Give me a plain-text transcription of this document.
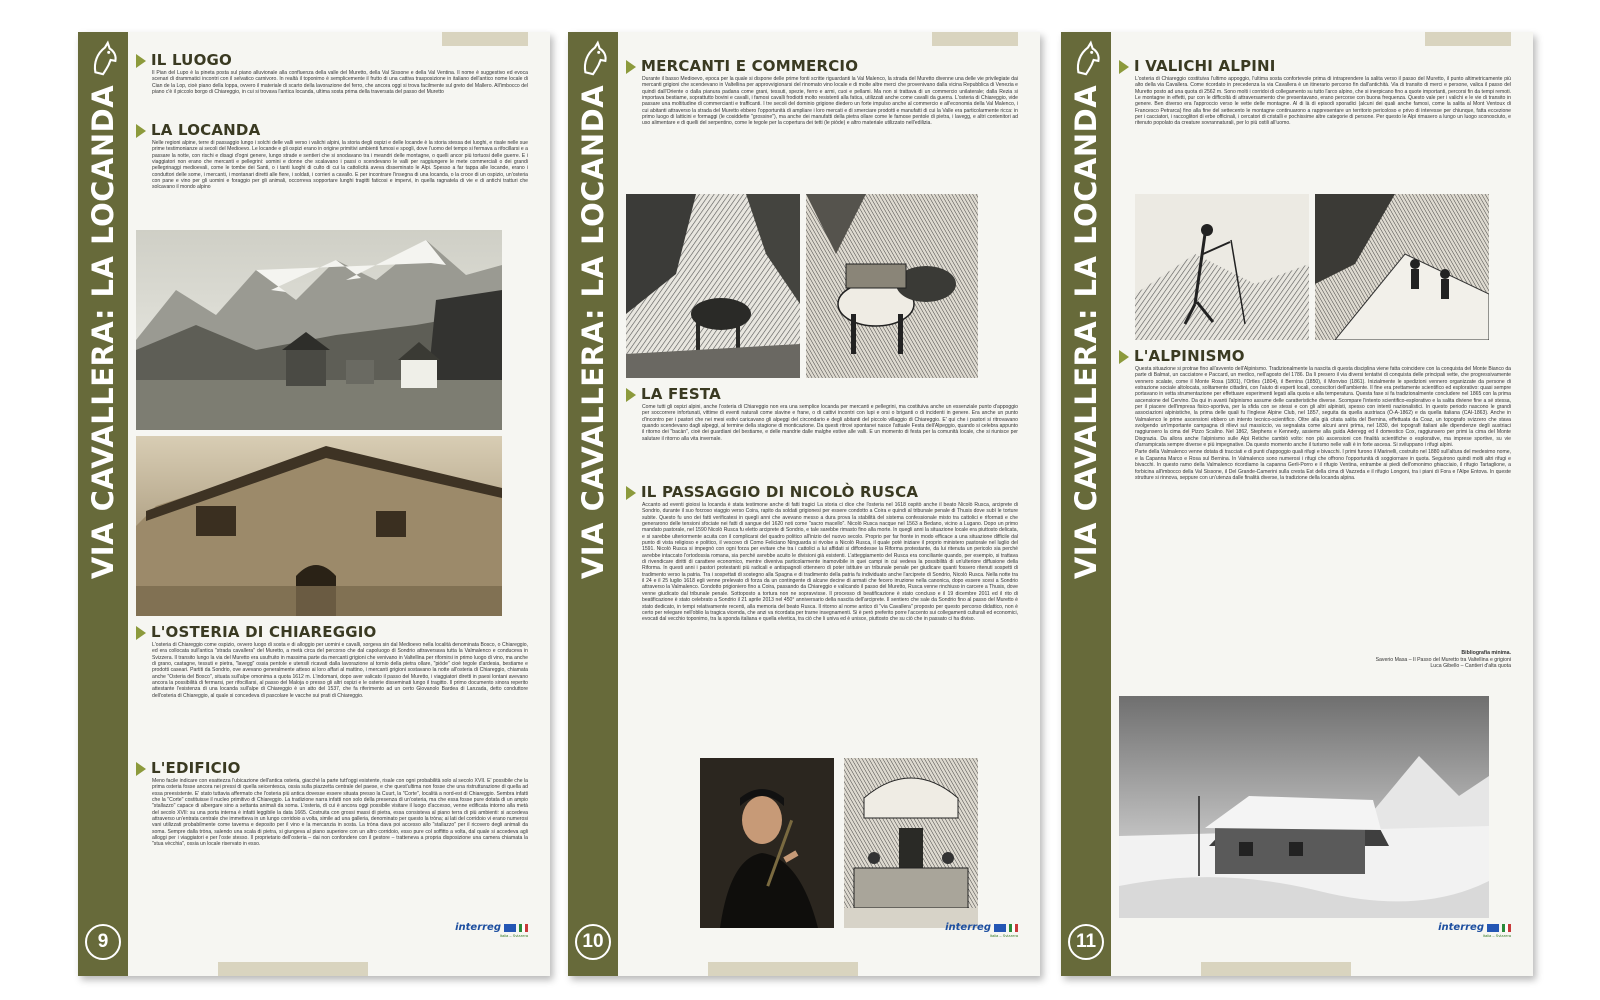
VIA CAVALLERA: LA LOCANDA
9
IL LUOGO
Il Pian del Lupo è la pineta posta sul piano alluvionale alla confluenza della valle del Muretto, della Val Sissone e della Val Ventina. Il nome è suggestivo ed evoca scenari di drammatici incontri con il selvatico carnivoro. In realtà il toponimo è semplicemente il frutto di una cattiva trasposizione in italiano dell'antico nome locale di Cian de la Lop, cioè piano della loppa, ovvero il materiale di scarto della lavorazione del ferro, che ancora oggi si trova facilmente sul greto del Mallero. All'imbocco del piano c'è il piccolo borgo di Chiareggio, in cui si trovava l'antica locanda, ultima sosta prima della traversata del passo del Muretto
LA LOCANDA
Nelle regioni alpine, terre di passaggio lungo i solchi delle valli verso i valichi alpini, la storia degli ospizi e delle locande è la storia stessa dei luoghi, e risale nelle sue prime testimonianze ai secoli del Medioevo. Le locande e gli ospizi erano in origine primitivi ambienti fumosi e spogli, dove l'uomo del tempo si fermava a rifocillarsi e a passare la notte, con rischi e disagi d'ogni genere, lungo strade e sentieri che si snodavano tra i meandri delle montagne, o quelli ancor più tortuosi delle guerre. E i viaggiatori non erano che mercanti e pellegrini: uomini e donne che scalavano i passi o scendevano le valli per raggiungere le mete commerciali o dei grandi pellegrinaggi medioevali, come le tombe dei Santi, o i tanti luoghi di culto di cui la cattolicità aveva disseminato le Alpi. Spesso a far tappa alle locande, erano i conduttori delle some, i mercanti, i montanari diretti alle fiere, i soldati, i corrieri a cavallo. E per incontrare l'insegna di una locanda, o la croce di un ospizio, un'osteria con pane e vino per gli uomini e foraggio per gli animali, occorreva sopportare lunghi tragitti faticosi e impervi, in quella ragnatela di vie e di antichi tratturi che solcavano il mondo alpino
L'OSTERIA DI CHIAREGGIO
L'osteria di Chiareggio come ospizio, ovvero luogo di sosta e di alloggio per uomini e cavalli, sorgeva sin dal Medioevo nella località denominata Bosco, o Chiareggio, ed era collocata sull'antica "strada cavallera" del Muretto, a metà circa del percorso che dal capoluogo di Sondrio attraversava tutta la Valmalenco e conduceva in Svizzera. Il transito lungo la via del Muretto era usufruito in massima parte da mercanti grigioni che venivano in Valtellina per rifornirsi in primo luogo di vino, ma anche di grano, castagne, tessuti e pietra, "lavegg" ossia pentole e utensili ricavati dalla lavorazione al tornio della pietra ollare, "pióde" cioè tegole d'ardesia, bestiame e prodotti caseari. Partiti da Sondrio, ove avevano generalmente atteso ai loro affari al mattino, i mercanti grigioni sostavano la notte all'osteria di Chiareggio, chiamata anche "Osteria del Bosco", situata sull'alpe omonima a quota 1612 m. L'indomani, dopo aver valicato il passo del Muretto, i viaggiatori diretti in paesi lontani avevano ancora la possibilità di fermarsi, per rifocillarsi, al passo del Maloja o presso gli altri ospizi e le osterie disseminati lungo il tragitto. Il primo documento sinora reperito attestante l'esistenza di una locanda sull'alpe di Chiareggio è un atto del 1537, che fa riferimento ad un certo Giovanolo Bardea di Lanzada, detto conduttore dell'osteria di Chiareggio, al quale si concedeva di pascolare le vacche sui prati di Chiareggio.
L'EDIFICIO
Meno facile indicare con esattezza l'ubicazione dell'antica osteria, giacché la parte tutt'oggi esistente, risale con ogni probabilità solo al secolo XVII. E' possibile che la prima osteria fosse ancora nei pressi di quella seicentesca, ossia sulla piazzetta centrale del paese, e che quest'ultima non fosse che una ristrutturazione di quella ad essa preesistente. E' stato tuttavia affermato che l'osteria più antica dovesse essere situata presso la Cuurt, la "Corte", località a nord-est di Chiareggio. Sembra infatti che la "Corte" costituisse il nucleo primitivo di Chiareggio. La tradizione narra infatti non solo della presenza di un'osteria, ma che essa fosse pure dotata di un ampio "stallazzo" capace di albergare sino a settanta animali da soma. L'osteria, di cui è ancora oggi possibile visitare il luogo d'accesso, venne edificata intorno alla metà del secolo XVII: su una porta interna è infatti leggibile la data 1665. Costruita con grossi massi di pietra, essa consisteva al piano terra di più ambienti: si accedeva attraverso un'entrata centrale che immetteva in un lungo corridoio a volta, simile ad una galleria, denominato per questo la tròna; ai lati del corridoio vi erano numerosi vani utilizzati probabilmente come taverna e deposito per il vino e la mercanzia in sosta. La tròna dava poi accesso allo "stallazzo" per il ricovero degli animali da soma. Sempre dalla tròna, salendo una scala di pietra, si giungeva al piano superiore con un altro corridoio, esso pure col soffitto a volta, dal quale si accedeva agli alloggi per i viaggiatori e per l'oste stesso. Il proprietario dell'osteria – dai non confondere con il gestore – tratteneva a propria disposizione una camera chiamata la "stua vècchia", ossia un locale riservato in esso.
interreg
Italia – Svizzera
VIA CAVALLERA: LA LOCANDA
10
MERCANTI E COMMERCIO
Durante il basso Medioevo, epoca per la quale si dispone delle prime fonti scritte riguardanti la Val Malenco, la strada del Muretto divenne una delle vie privilegiate dai mercanti grigioni che scendevano in Valtellina per approvvigionarsi del rinomato vino locale e di molte altre merci che provenivano dalla vicina Repubblica di Venezia e quindi dall'Oriente o dalla pianura padana come grani, tessuti, spezie, ferro e armi, cuoi e pellami. Ma non si trattava di un commercio unilaterale; dalla Rezia si importava bestiame, soprattutto bovini e cavalli, i famosi cavalli frodiotti molto resistenti alla fatica, utilizzati anche come cavalli da guerra. L'osteria di Chiareggio, vide passare una moltitudine di commercianti e trafficanti. I tre secoli del dominio grigione diedero un forte impulso anche al commercio e all'economia della Val Malenco, i cui abitanti attraverso la strada del Muretto ebbero l'opportunità di ampliare i loro mercati e di smerciare prodotti e manufatti di cui la Valle era particolarmente ricca: in primo luogo di latticini e formaggi (le cosiddette "grossine"), ma anche dei manufatti della pietra ollare come le famose pentole di pietra, i lavegg, e altri contenitori ad uso alimentare e di quelli del serpentino, come le tegole per la copertura dei tetti (le piòde) e altro materiale utilizzato nell'edilizia.
LA FESTA
Come tutti gli ospizi alpini, anche l'osteria di Chiareggio non era una semplice locanda per mercanti e pellegrini, ma costituiva anche un essenziale punto d'appoggio per soccorrere infortunati, vittime di eventi naturali come slavine e frane, o di cattivi incontri con lupi e orsi o briganti o di incidenti in genere. Era anche un punto d'incontro per i pastori che nei mesi estivi caricavano gli alpeggi del circondario e degli abitanti del piccolo villaggio di Chiareggio. E' qui che i pastori si ritrovavano quando scendevano dagli alpeggi, al termine della stagione di monticazione. Da questi ritrovi spontanei nasce l'attuale Festa dell'Alpeggio, quando si celebra appunto il ritorno dei "bacàn", cioè dei guardiani del bestiame, e delle mandrie dalle malghe estive alle valli. E un momento di festa per la comunità locale, che si riunisce per salutare il ritorno alla vita invernale.
IL PASSAGGIO DI NICOLÒ RUSCA
Accanto ad eventi gioiosi la locanda è stata testimone anche di fatti tragici La storia ci dice che l'osteria nel 1618 ospitò anche il beato Nicolò Rusca, arciprete di Sondrio, durante il suo forzoso viaggio verso Coira, rapito da soldati grigionesi per essere condotto a Coira e quindi al tribunale penale di Thusis dove subì le torture subite. Questo fu uno dei fatti verificatesi in quegli anni che avevano messo a dura prova la stabilità del sistema confessionale misto tra cattolici e riformati e che generarono delle tensioni sfociate nei fatti di sangue del 1620 noti come "sacro macello". Nicolò Rusca nacque nel 1563 a Bedano, vicino a Lugano. Dopo un primo mandato pastorale, nel 1590 Nicolò Rusca fu eletto arciprete di Sondrio, e tale sarebbe rimasto fino alla morte. In quegli anni la situazione locale era piuttosto delicata, e si sarebbe ulteriormente acuita con il complicarsi del quadro politico all'inizio del nuovo secolo. Proprio per far fronte in modo efficace a una situazione difficile dal punto di vista religioso e politico, il vescovo di Como Feliciano Ninguarda si rivolse a Nicolò Rusca, il quale poté iniziare il proprio ministero pastorale nel luglio del 1591. Nicolò Rusca si impegnò con ogni forza per evitare che tra i cattolici a lui affidati si diffondesse la Riforma protestante, da lui ritenuta un pericolo sia perché avrebbe intaccato l'ortodossia romana, sia perché avrebbe acuito le divisioni già esistenti. L'atteggiamento del Rusca era conciliante quando, per esempio, si trattava di rivendicare diritti di carattere economico, mentre diveniva particolarmente inamovibile in quei campi in cui vedeva la possibilità di un'ulteriore diffusione della Riforma. In questi anni i pastori protestanti più radicali e antispagnoli ottennero di poter istituire un tribunale penale per giudicare quanti fossero ritenuti sospetti di tradimento verso la patria. Tra i sospettati di sostegno alla Spagna e di tradimento della patria fu individuato anche l'arciprete di Sondrio, Nicolò Rusca. Nella notte tra il 24 e il 25 luglio 1618 egli venne prelevato di forza da un contingente di alcune decine di armati che fecero irruzione nella canonica, dopo essere scesi a Sondrio attraverso la Valmalenco. Condotto prigioniero fino a Coira, passando da Chiareggio e valicando il passo del Muretto, Rusca venne rinchiuso in carcere a Thusis, dove venne giudicato dal tribunale penale. Sottoposto a tortura non ne sopravvisse. Il processo di beatificazione è stato concluso e il 19 dicembre 2011 ed il rito di beatificazione è stato celebrato a Sondrio il 21 aprile 2013 nel 450° anniversario della nascita dell'arciprete. Il sentiero che sale da Sondrio fino al passo del Muretto è stato dedicato, in tempi relativamente recenti, alla memoria del beato Rusca. Il ritorno al nome antico di "via Cavallera" proposto per questo percorso didattico, non è certo per relegare nell'oblio la tragica vicenda, che anzi va ricordata per trarne insegnamenti. Si è però preferito porre l'accento sui collegamenti culturali ed economici, evocati dal vecchio toponimo, tra la sponda italiana e quella elvetica, tra ciò che li univa ed è unisce, piuttosto che su ciò che in passato ci ha diviso.
interreg
Italia – Svizzera
VIA CAVALLERA: LA LOCANDA
11
I VALICHI ALPINI
L'osteria di Chiareggio costituiva l'ultimo appoggio, l'ultima sosta confortevole prima di intraprendere la salita verso il passo del Muretto, il punto altimetricamente più alto della via Cavallera. Come ricordato in precedenza la via Cavallera è un itinerario percorso fin dall'antichità. Via di transito di merci e persone, valica il passo del Muretto posto ad una quota di 2562 m. Sono molti i corridoi di collegamento su tutto l'arco alpino, che si inerpicano fino a quote importanti, percorsi fin da tempi remoti. Le montagne in effetti, pur con le difficoltà di attraversamento che presentavano, erano percorse con buona frequenza. Questo vale per i valichi e le vie di transito in genere. Ben diverso era l'approccio verso le vette delle montagne. Al di là di episodi sporadici (alcuni dei quali anche famosi, come la salita al Mont Ventoux di Francesco Petrarca) fino alla fine del settecento le montagne continuarono a rappresentare un territorio pericoloso e privo di interesse per chiunque, fatta eccezione per i cacciatori, i raccoglitori di erbe officinali, i cercatori di cristalli e pochissime altre categorie di persone. Per questo le Alpi rimasero a lungo un luogo sconosciuto, e ritenuto popolato da creature sovrannaturali, per lo più ostili all'uomo.
L'ALPINISMO
Questa situazione si protrae fino all'avvento dell'Alpinismo. Tradizionalmente la nascita di questa disciplina viene fatta coincidere con la conquista del Monte Bianco da parte di Balmat, un cacciatore e Paccard, un medico, nell'agosto del 1786. Da lì presero il via diversi tentativi di conquista delle principali vette, che progressivamente vennero scalate, come il Monte Rosa (1801), l'Ortles (1804), il Bernina (1850), il Monviso (1861). Inizialmente le spedizioni vennero organizzate da persone di estrazione sociale altolocata, solitamente cittadini, con l'aiuto di esperti locali, conoscitori dell'ambiente. Il fine era prettamente scientifico ed esplorativo: quasi sempre portavano in vetta strumentazione per effettuare esperimenti legati alla quota e alla temperatura. Questa fase si fa tradizionalmente concludere nel 1865 con la prima ascensione del Cervino. Da qui in avanti l'alpinismo assume delle caratteristiche diverse. Scompare l'intento scientifico-esplorativo e la salita diviene fine a sé stessa, per il piacere dell'impresa fisico-sportiva, per la sfida con se stessi e con gli altri alpinisti, spesso con intenti nazionalistici. In questo periodo nascono le grandi associazioni alpinistiche, la prima delle quali fu l'inglese Alpine Club, nel 1857, seguita da quella austriaca (Ö-A-1862) e da quella italiana (CAI-1863). Anche in Valmalenco le prime ascensioni ebbero un intento tecnico-scientifico. Oltre alla già citata salita del Bernina, effettuata da Coaz, un topografo svizzero che stava svolgendo un'importante campagna di rilievi sul massiccio, va segnalata come alcuni anni prima, nel 1830, dei topografi italiani alle dipendenze degli austriaci raggiunsero la cima del Pizzo Scalino. Nel 1862, Stephens e Kennedy, assieme alla guida Aderegg ed il domestico Cox, raggiunsero per primi la cima del Monte Disgrazia. Da allora anche l'alpinismo sulle Alpi Retiche cambiò volto: non più ascensioni con finalità scientifiche o esplorative, ma imprese sportive, su vie d'arrampicata sempre diverse e più impegnative. Da questo momento anche il turismo nelle valli è in forte ascesa. Si sviluppano i rifugi alpini.
Parte della Valmalenco venne dotata di tracciati e di punti d'appoggio quali rifugi e bivacchi. I primi furono il Marinelli, costruito nel 1880 sull'altura del medesimo nome, e la Capanna Marco e Rosa sul Bernina. In Valmalenco sono numerosi i rifugi che offrono l'opportunità di soggiornare in quota. Seguirono quindi molti altri rifugi e bivacchi. In questo ramo della Valmalenco ricordiamo la capanna Gerli-Porro e il rifugio Ventina, entrambe ai piedi dell'omonimo ghiacciaio, il rifugio Tartaglione, a forbicina all'imbocco della Val Sissone, il Del Grande-Camerini sulla cresta Est della cima di Vazzeda e il rifugio Longoni, tra i piani di Fora e l'Alpe Entova. In queste strutture si rinnova, seppure con un'utenza dalle finalità diverse, la tradizione della locanda alpina.
Bibliografia minima.
Saverio Masa – Il Passo del Muretto tra Valtellina e grigioni
Luca Gibello – Cantieri d'alta quota
interreg
Italia – Svizzera
